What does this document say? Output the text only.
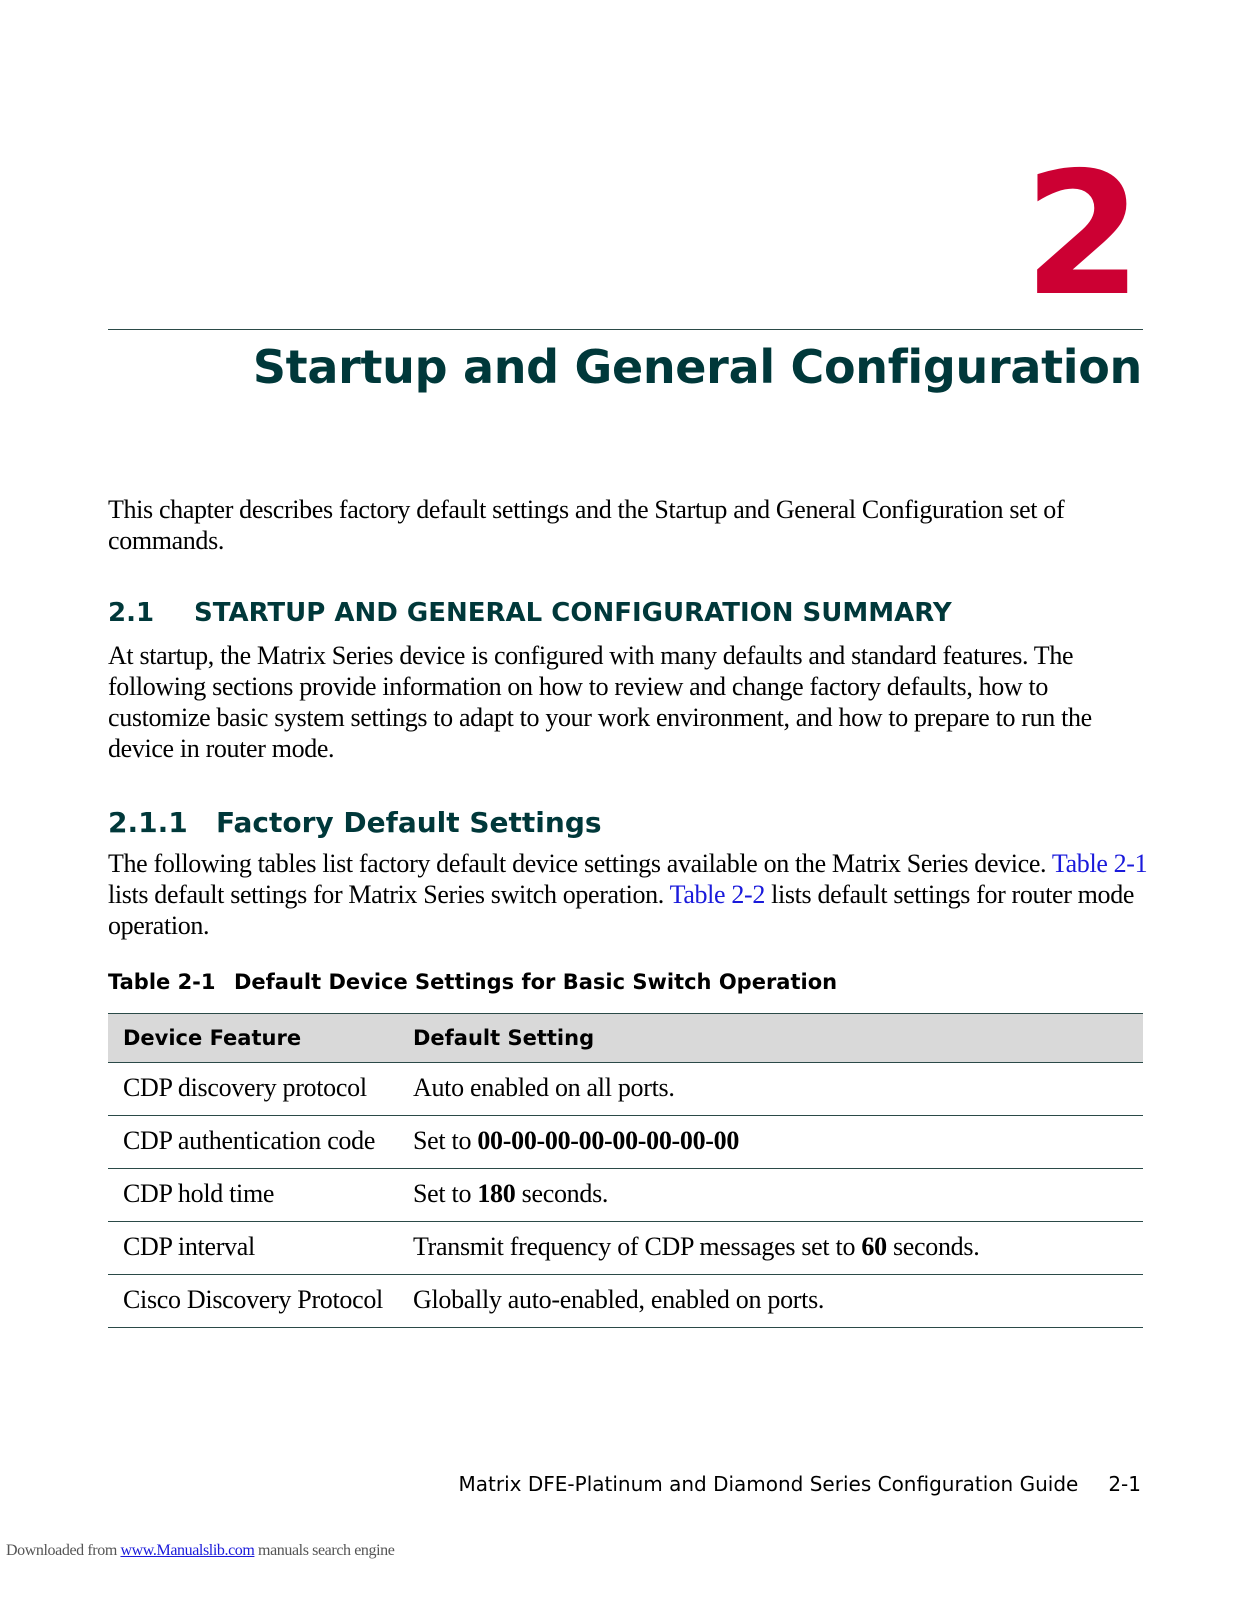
2
Startup and General Configuration

This chapter describes factory default settings and the Startup and General Configuration set of commands.

2.1 STARTUP AND GENERAL CONFIGURATION SUMMARY

At startup, the Matrix Series device is configured with many defaults and standard features. The following sections provide information on how to review and change factory defaults, how to customize basic system settings to adapt to your work environment, and how to prepare to run the device in router mode.

2.1.1 Factory Default Settings

The following tables list factory default device settings available on the Matrix Series device. Table 2-1 lists default settings for Matrix Series switch operation. Table 2-2 lists default settings for router mode operation.

Table 2-1 Default Device Settings for Basic Switch Operation
Device Feature	Default Setting
CDP discovery protocol	Auto enabled on all ports.
CDP authentication code	Set to 00-00-00-00-00-00-00-00
CDP hold time	Set to 180 seconds.
CDP interval	Transmit frequency of CDP messages set to 60 seconds.
Cisco Discovery Protocol	Globally auto-enabled, enabled on ports.
Matrix DFE-Platinum and Diamond Series Configuration Guide 2-1
Downloaded from www.Manualslib.com manuals search engine
